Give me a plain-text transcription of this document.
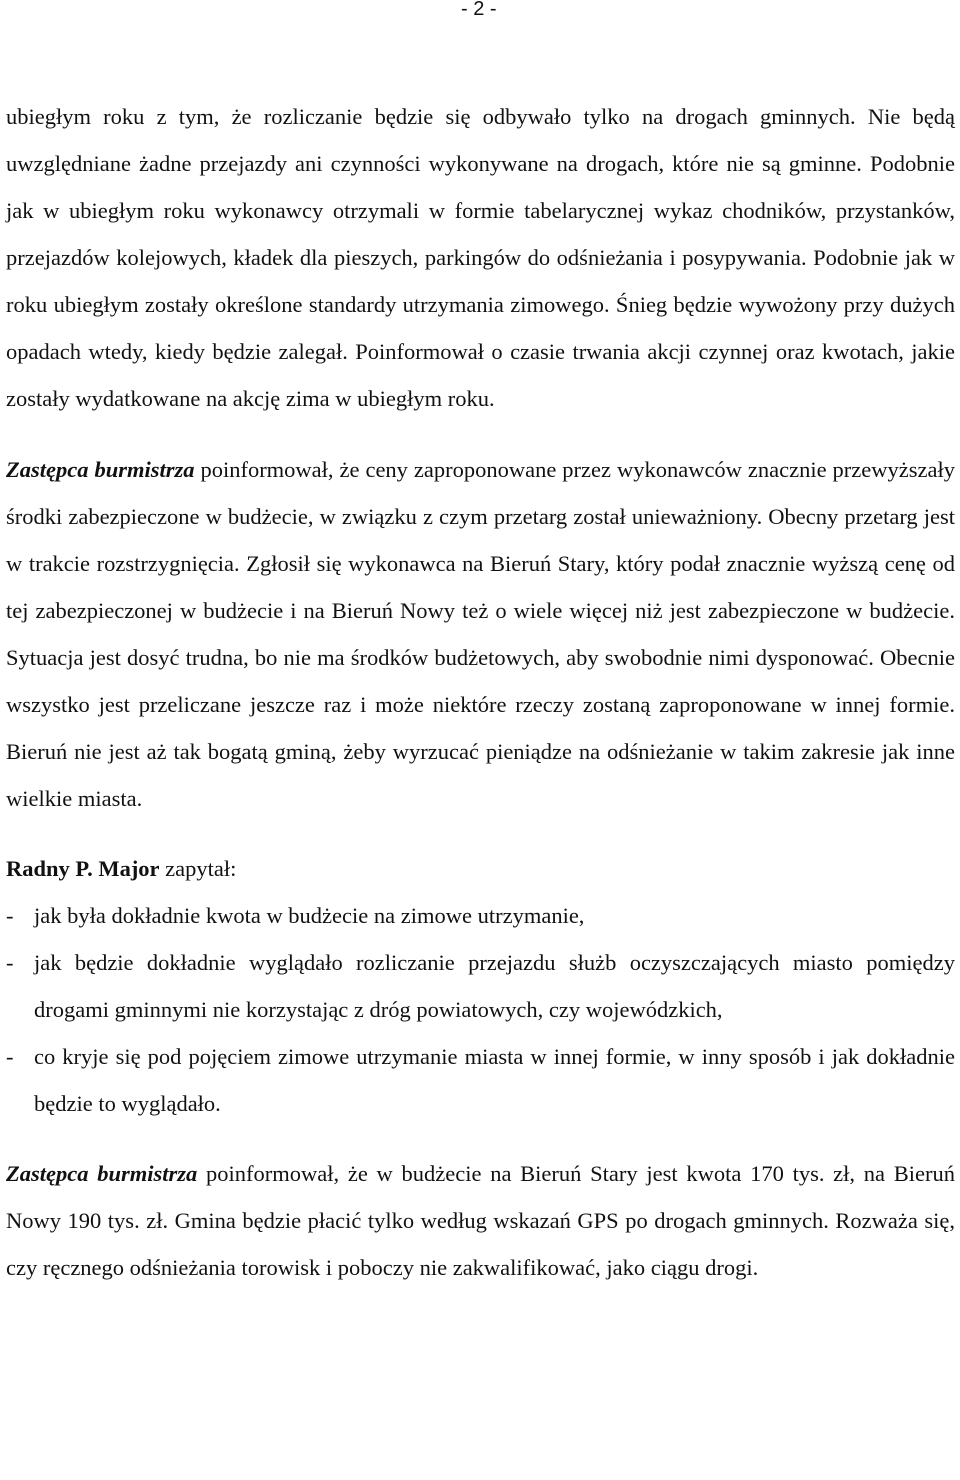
- 2 -

ubiegłym roku z tym, że rozliczanie będzie się odbywało tylko na drogach gminnych. Nie będą uwzględniane żadne przejazdy ani czynności wykonywane na drogach, które nie są gminne. Podobnie jak w ubiegłym roku wykonawcy otrzymali w formie tabelarycznej wykaz chodników, przystanków, przejazdów kolejowych, kładek dla pieszych, parkingów do odśnieżania i posypywania. Podobnie jak w roku ubiegłym zostały określone standardy utrzymania zimowego. Śnieg będzie wywożony przy dużych opadach wtedy, kiedy będzie zalegał. Poinformował o czasie trwania akcji czynnej oraz kwotach, jakie zostały wydatkowane na akcję zima w ubiegłym roku.

Zastępca burmistrza poinformował, że ceny zaproponowane przez wykonawców znacznie przewyższały środki zabezpieczone w budżecie, w związku z czym przetarg został unieważniony. Obecny przetarg jest w trakcie rozstrzygnięcia. Zgłosił się wykonawca na Bieruń Stary, który podał znacznie wyższą cenę od tej zabezpieczonej w budżecie i na Bieruń Nowy też o wiele więcej niż jest zabezpieczone w budżecie. Sytuacja jest dosyć trudna, bo nie ma środków budżetowych, aby swobodnie nimi dysponować. Obecnie wszystko jest przeliczane jeszcze raz i może niektóre rzeczy zostaną zaproponowane w innej formie. Bieruń nie jest aż tak bogatą gminą, żeby wyrzucać pieniądze na odśnieżanie w takim zakresie jak inne wielkie miasta.

Radny P. Major zapytał:

- jak była dokładnie kwota w budżecie na zimowe utrzymanie,
- jak będzie dokładnie wyglądało rozliczanie przejazdu służb oczyszczających miasto pomiędzy drogami gminnymi nie korzystając z dróg powiatowych, czy wojewódzkich,
- co kryje się pod pojęciem zimowe utrzymanie miasta w innej formie, w inny sposób i jak dokładnie będzie to wyglądało.

Zastępca burmistrza poinformował, że w budżecie na Bieruń Stary jest kwota 170 tys. zł, na Bieruń Nowy 190 tys. zł. Gmina będzie płacić tylko według wskazań GPS po drogach gminnych. Rozważa się, czy ręcznego odśnieżania torowisk i poboczy nie zakwalifikować, jako ciągu drogi.
